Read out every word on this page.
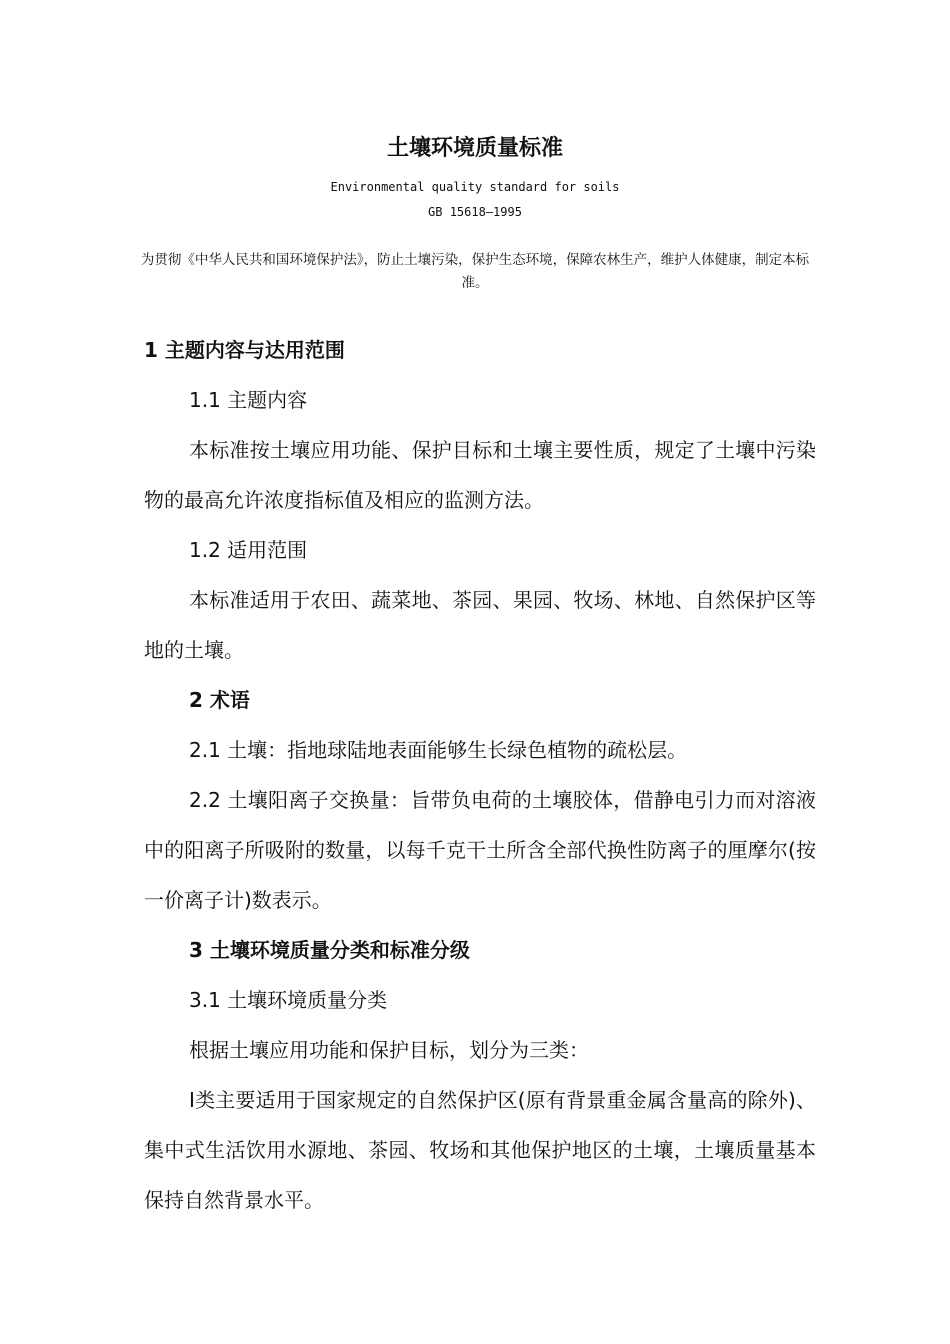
土壤环境质量标准
Environmental quality standard for soils
GB 15618—1995
为贯彻《中华人民共和国环境保护法》，防止土壤污染，保护生态环境，保障农林生产，维护人体健康，制定本标准。

1 主题内容与达用范围

1.1 主题内容

本标准按土壤应用功能、保护目标和土壤主要性质，规定了土壤中污染物的最高允许浓度指标值及相应的监测方法。

1.2 适用范围

本标准适用于农田、蔬菜地、茶园、果园、牧场、林地、自然保护区等地的土壤。

2 术语

2.1 土壤：指地球陆地表面能够生长绿色植物的疏松层。

2.2 土壤阳离子交换量：旨带负电荷的土壤胶体，借静电引力而对溶液中的阳离子所吸附的数量，以每千克干土所含全部代换性防离子的厘摩尔(按一价离子计)数表示。

3 土壤环境质量分类和标准分级

3.1 土壤环境质量分类

根据土壤应用功能和保护目标，划分为三类：

Ⅰ类主要适用于国家规定的自然保护区(原有背景重金属含量高的除外)、集中式生活饮用水源地、茶园、牧场和其他保护地区的土壤，土壤质量基本 保持自然背景水平。
